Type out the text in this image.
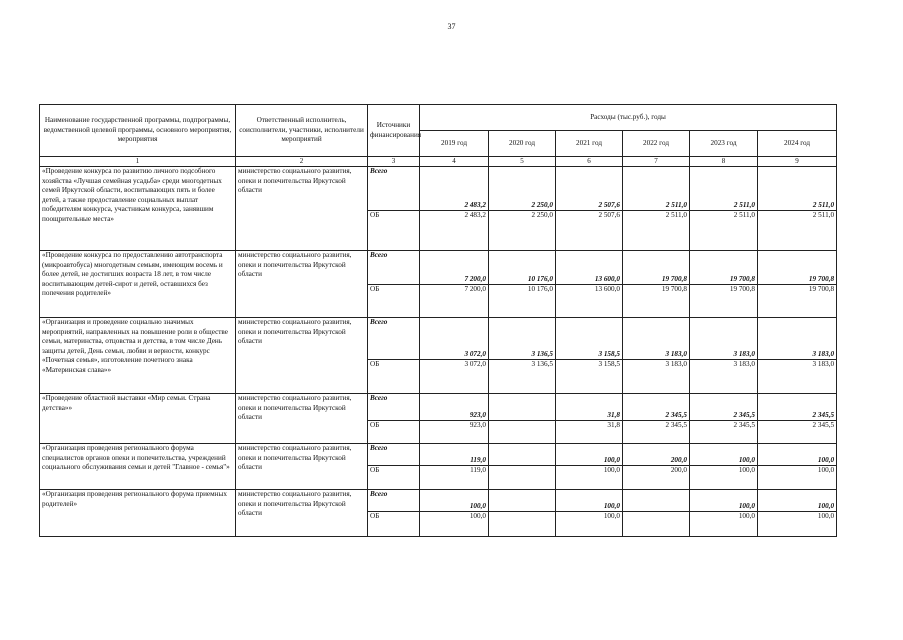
37
Наименование государственной программы, подпрограммы, ведомственной целевой программы, основного мероприятия, мероприятия	Ответственный исполнитель, соисполнители, участники, исполнители мероприятий	Источники финансирования	Расходы (тыс.руб.), годы					
			2019 год	2020 год	2021 год	2022 год	2023 год	2024 год
1	2	3	4	5	6	7	8	9
«Проведение конкурса по развитию личного подсобного хозяйства «Лучшая семейная усадьба» среди многодетных семей Иркутской области, воспитывающих пять и более детей, а также предоставление социальных выплат победителям конкурса, участникам конкурса, занявшим поощрительные места»	министерство социального развития, опеки и попечительства Иркутской области	Всего	2 483,2	2 250,0	2 507,6	2 511,0	2 511,0	2 511,0
		ОБ	2 483,2	2 250,0	2 507,6	2 511,0	2 511,0	2 511,0
«Проведение конкурса по предоставлению автотранспорта (микроавтобуса) многодетным семьям, имеющим восемь и более детей, не достигших возраста 18 лет, в том числе воспитывающим детей-сирот и детей, оставшихся без попечения родителей»	министерство социального развития, опеки и попечительства Иркутской области	Всего	7 200,0	10 176,0	13 600,0	19 700,8	19 700,8	19 700,8
		ОБ	7 200,0	10 176,0	13 600,0	19 700,8	19 700,8	19 700,8
«Организация и проведение социально значимых мероприятий, направленных на повышение роли в обществе семьи, материнства, отцовства и детства, в том числе День защиты детей, День семьи, любви и верности, конкурс «Почетная семья», изготовление почетного знака «Материнская слава»»	министерство социального развития, опеки и попечительства Иркутской области	Всего	3 072,0	3 136,5	3 158,5	3 183,0	3 183,0	3 183,0
		ОБ	3 072,0	3 136,5	3 158,5	3 183,0	3 183,0	3 183,0
«Проведение областной выставки «Мир семьи. Страна детства»»	министерство социального развития, опеки и попечительства Иркутской области	Всего	923,0		31,8	2 345,5	2 345,5	2 345,5
		ОБ	923,0		31,8	2 345,5	2 345,5	2 345,5
«Организация проведения регионального форума специалистов органов опеки и попечительства, учреждений социального обслуживания семьи и детей "Главное - семья"»	министерство социального развития, опеки и попечительства Иркутской области	Всего	119,0		100,0	200,0	100,0	100,0
		ОБ	119,0		100,0	200,0	100,0	100,0
«Организация проведения регионального форума приемных родителей»	министерство социального развития, опеки и попечительства Иркутской области	Всего	100,0		100,0		100,0	100,0
		ОБ	100,0		100,0		100,0	100,0
